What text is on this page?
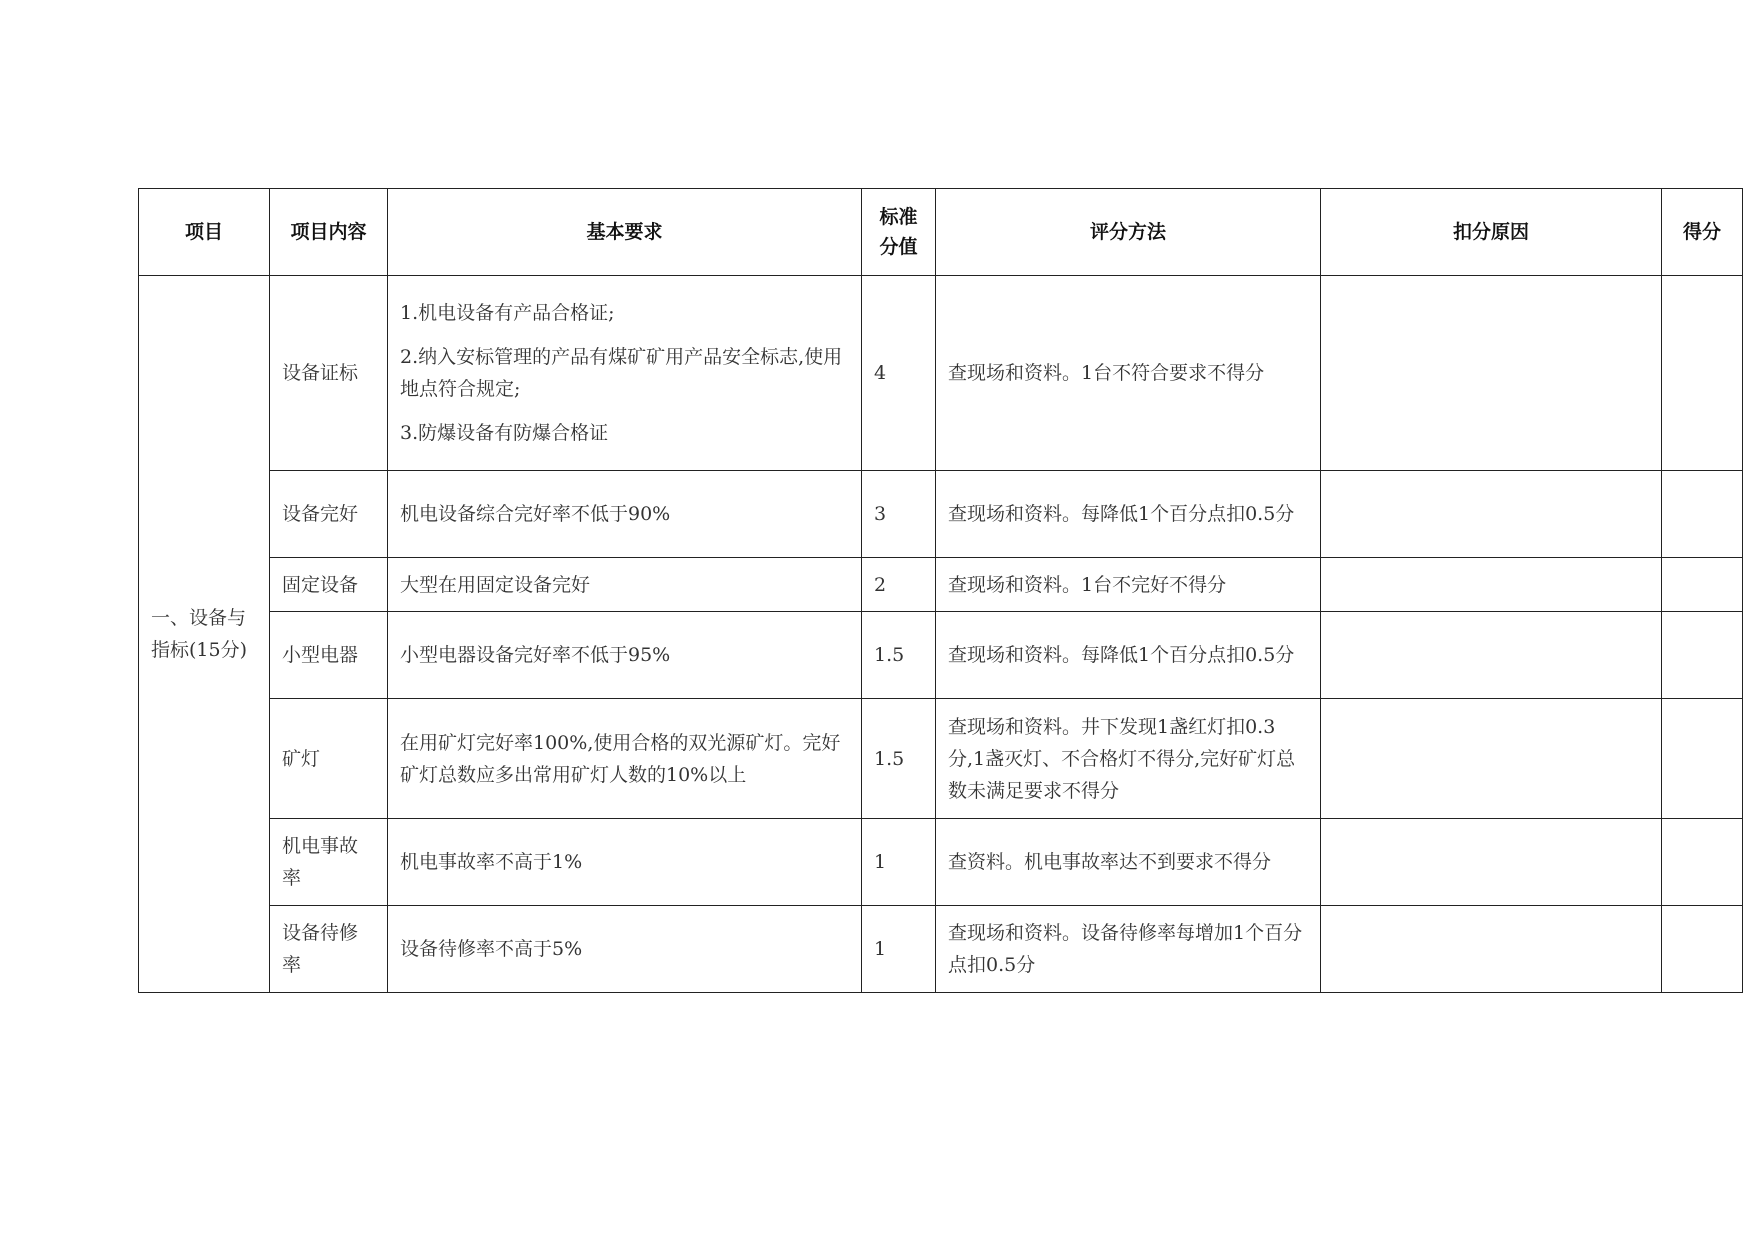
项目	项目内容	基本要求	标准分值	评分方法	扣分原因	得分
一、设备与指标(15分)	设备证标	1.机电设备有产品合格证;
2.纳入安标管理的产品有煤矿矿用产品安全标志,使用地点符合规定;
3.防爆设备有防爆合格证	4	查现场和资料。1台不符合要求不得分		
	设备完好	机电设备综合完好率不低于90%	3	查现场和资料。每降低1个百分点扣0.5分		
	固定设备	大型在用固定设备完好	2	查现场和资料。1台不完好不得分		
	小型电器	小型电器设备完好率不低于95%	1.5	查现场和资料。每降低1个百分点扣0.5分		
	矿灯	在用矿灯完好率100%,使用合格的双光源矿灯。完好矿灯总数应多出常用矿灯人数的10%以上	1.5	查现场和资料。井下发现1盏红灯扣0.3分,1盏灭灯、不合格灯不得分,完好矿灯总数未满足要求不得分		
	机电事故率	机电事故率不高于1%	1	查资料。机电事故率达不到要求不得分		
	设备待修率	设备待修率不高于5%	1	查现场和资料。设备待修率每增加1个百分点扣0.5分		
